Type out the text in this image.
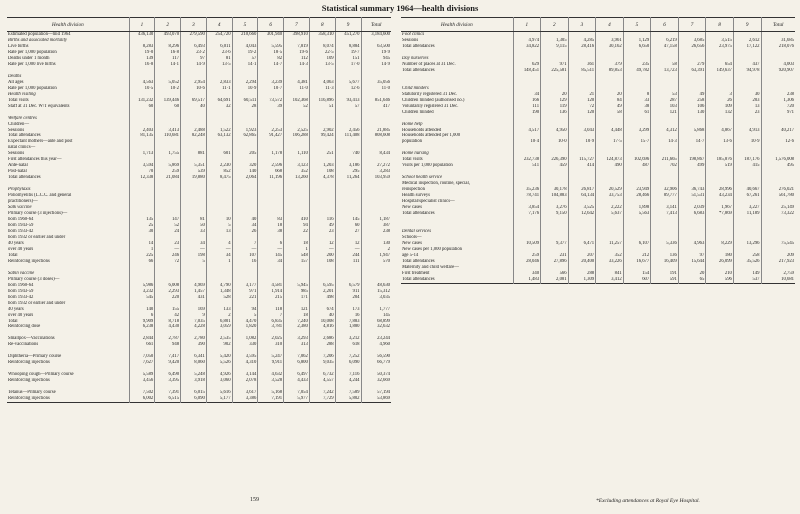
Statistical summary 1964—health divisions
Health division	1	2	3	4	5	6	7	8	9	Total
Estimated population—mid 1964	436,130	493,070	279,590	254,720	210,660	301,940	398,910	358,310	451,270	3,184,600
Births and associated mortality										
Live births	8,283	8,296	6,493	6,011	4,043	5,595	7,819	8,074	8,884	63,500
Rate per 1,000 population	19·0	16·8	23·2	23·6	19·2	18·5	19·6	22·5	19·7	19·9
Deaths under 1 month	139	117	97	81	57	82	112	109	151	945
Rate per 1,000 live births	16·8	14·1	14·9	13·5	14·1	14·7	14·3	13·5	17·0	14·9

Deaths										
All ages	4,563	5,052	2,954	2,833	2,294	3,239	4,381	4,063	5,677	35,056
Rate per 1,000 population	10·5	10·2	10·6	11·1	10·9	10·7	11·0	11·3	12·6	11·0
Health visiting										
Total visits	131,232	139,446	69,517	64,691	60,511	73,572	102,368	116,896	93,413	851,646
Staff at 31 Dec. W/T equivalents	60	60	40	32	28	39	52	51	57	417

Welfare centres										
Children—										
Sessions	2,403	3,413	2,488	1,522	1,923	2,253	2,525	2,902	2,456	21,885
Total attendances	81,135	110,681	82,248	63,132	62,865	91,427	106,288	99,424	111,408	808,608
Expectant mothers—ante and post										
natal clinics—										
Sessions	1,713	1,755	881	601	205	1,178	1,110	251	740	8,434
First attendances this year—										
Ante-natal	3,594	5,869	5,351	2,230	320	2,596	3,123	1,203	3,186	27,272
Post-natal	70	259	539	852	140	668	352	108	295	3,283
Total attendances	12,338	21,084	19,880	8,475	2,064	11,196	13,260	4,378	11,264	103,959

Prophylaxis										
Poliomyelitis (L.C.C. and general										
practitioners)—										
Salk vaccine										
Primary course (3 injections)—										
born 1960-64	135	147	81	10	40	83	410	116	145	1,187
born 1943-59	25	52	50	5	34	18	94	49	60	387
born 1933-42	30	24	33	13	26	38	22	23	27	238
born 1932 or earlier and under										
40 years	14	23	34	4	7	6	18	12	12	130
over 40 years	1	—	—	—	—	—	1	—	—	2
Total	225	246	198	34	107	145	548	200	244	1,947
Reinforcing injections	66	72	5	1	16	34	157	108	111	570

Sabin vaccine										
Primary course (3 doses)—										
born 1960-64	5,986	6,008	4,969	4,790	3,177	4,581	5,945	6,595	6,579	48,630
born 1943-59	3,232	2,293	1,457	1,348	971	1,914	985	2,201	911	15,312
born 1933-42	545	220	431	528	221	215	171	498	204	3,035
born 1932 or earlier and under										
40 years	140	155	169	133	94	118	121	674	173	1,777
over 40 years	6	42	9	2	5	7	18	40	16	145
Total	9,909	8,718	7,035	6,801	4,470	6,835	7,240	10,008	7,883	68,899
Reinforcing dose	6,238	4,430	4,228	3,059	1,820	3,781	2,380	4,816	1,880	32,632

Smallpox—Vaccinations	2,844	2,787	2,780	2,535	1,082	2,025	3,293	2,686	3,212	23,244
Re-vaccinations	661	948	390	902	330	310	313	288	618	4,960

Diphtheria—Primary course	7,050	7,417	6,341	5,420	3,595	5,247	7,062	7,206	7,252	56,590
Reinforcing injections	7,627	9,420	8,060	5,526	4,310	9,911	6,800	9,035	6,090	66,779

Whooping cough—Primary course	5,589	6,490	5,248	4,926	3,144	4,632	6,497	6,732	7,116	50,374
Reinforcing injections	3,456	3,395	3,918	3,060	2,078	3,528	4,433	4,557	4,244	32,669

Tetanus—Primary course	7,502	7,391	6,015	5,616	3,617	5,168	7,054	7,242	7,589	57,194
Reinforcing injections	6,002	6,515	6,090	5,177	3,386	7,191	5,977	7,729	5,802	53,869
Health division	1	2	3	4	5	6	7	8	9	Total
Foot clinics										
Sessions	4,974	1,305	4,285	3,961	1,129	6,219	3,685	3,515	2,612	31,685
Total attendances	34,822	9,115	28,416	30,162	6,650	47,158	26,656	23,975	17,122	218,076

Day nurseries										
Number of places at 31 Dec.	629	971	361	379	235	58	279	654	437	4,003
Total attendances	148,451	225,581	85,511	89,853	49,782	13,723	63,391	149,637	94,978	920,907

Child minders										
Statutorily registered 31 Dec.	34	20	21	20	8	53	49	3	30	238
Children minded (authorised no.)	166	129	120	84	33	287	258	26	203	1,306
Voluntarily registered 31 Dec.	111	119	72	49	38	103	106	109	13	720
Children minded	190	136	120	58	61	121	130	132	23	971

Home help										
Households attended	4,517	4,950	3,043	4,448	3,299	4,312	5,868	4,867	4,913	40,217
Households attended per 1,000										
population	10·4	10·0	10·9	17·5	15·7	14·3	14·7	13·6	10·9	12·6

Home nursing										
Total visits	232,738	226,390	115,727	124,873	102,696	211,665	198,867	185,876	187,176	1,576,008
Visits per 1,000 population	511	459	414	490	487	702	499	519	415	495

School health service										
Medical inspection, routine, special,										
reinspection	35,236	30,178	26,817	20,529	23,949	32,906	36,743	28,996	40,667	276,021
Health surveys	78,741	104,883	64,134	33,753	28,466	89,777	51,531	43,234	67,261	561,780
Hospital/specialist clinics—										
New cases	3,854	3,276	3,525	2,222	1,898	3,141	2,039	1,967	3,227	25,149
Total attendances	7,176	9,150	12,642	5,637	5,563	7,413	6,683	*7,869	11,189	73,322

Dental services										
Schools—										
New cases	10,509	9,377	6,471	11,257	6,107	5,336	4,963	8,229	13,296	75,545
New cases per 1,000 population										
age 5-14	259	231	207	352	212	136	97	180	258	209
Total attendances	28,046	27,896	20,400	33,226	16,677	16,409	15,644	26,099	35,526	217,923
Maternity and child welfare—										
First treatment	340	566	288	841	154	191	20	210	149	2,759
Total attendances	1,483	2,081	1,309	3,412	607	591	65	596	537	10,681
159	*Excluding attendances at Royal Eye Hospital.
